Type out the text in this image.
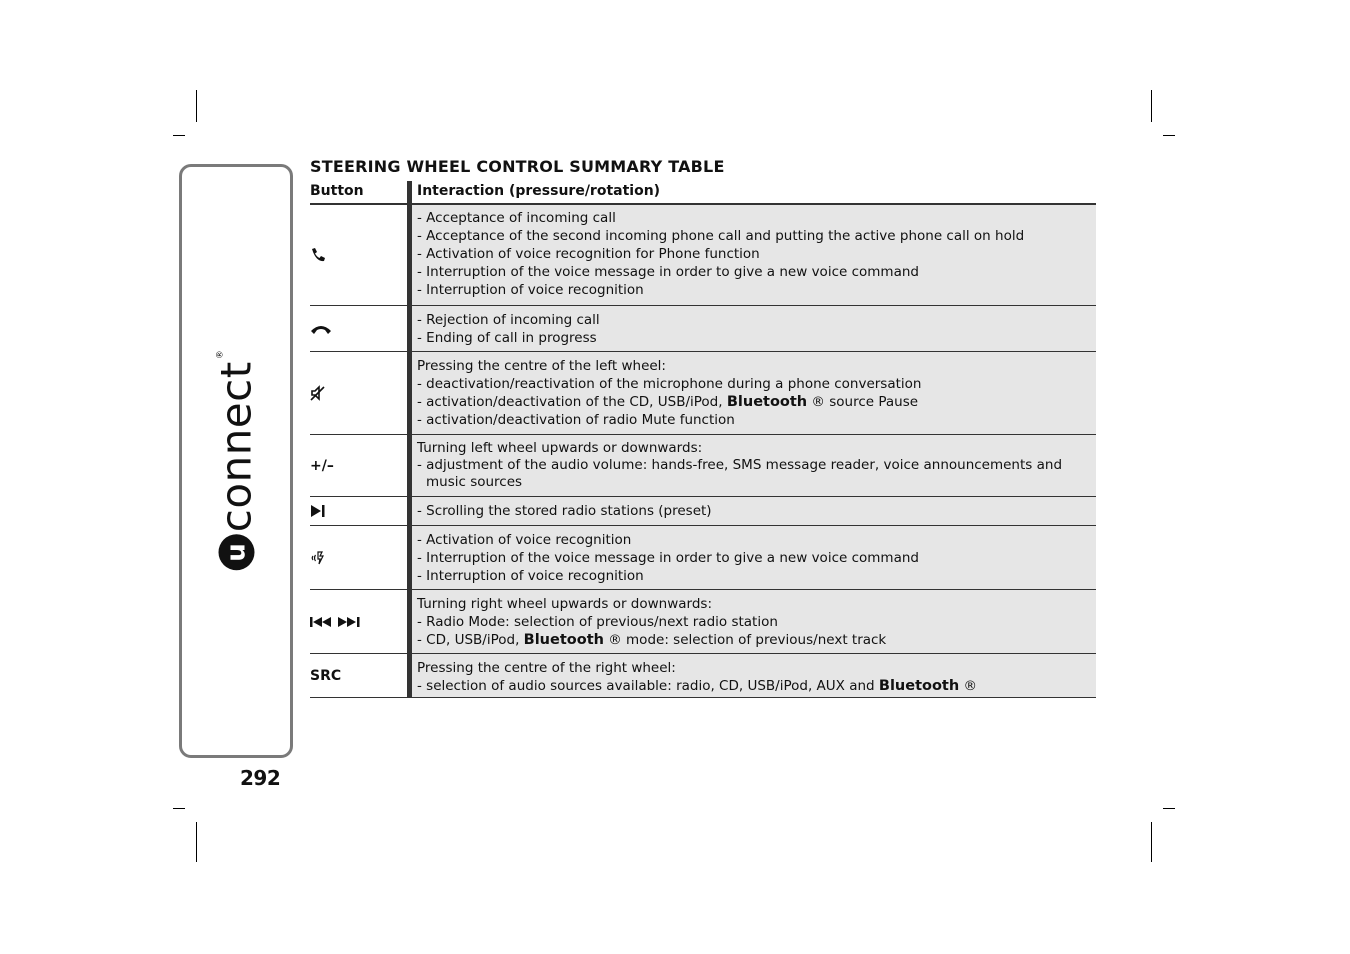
u
connect
®
292
STEERING WHEEL CONTROL SUMMARY TABLE
Button	Interaction (pressure/rotation)
- Acceptance of incoming call
- Acceptance of the second incoming phone call and putting the active phone call on hold
- Activation of voice recognition for Phone function
- Interruption of the voice message in order to give a new voice command
- Interruption of voice recognition
- Rejection of incoming call
- Ending of call in progress
Pressing the centre of the left wheel:
- deactivation/reactivation of the microphone during a phone conversation
- activation/deactivation of the CD, USB/iPod, Bluetooth ® source Pause
- activation/deactivation of radio Mute function
+/–
Turning left wheel upwards or downwards:
- adjustment of the audio volume: hands-free, SMS message reader, voice announcements and music sources
- Scrolling the stored radio stations (preset)
- Activation of voice recognition
- Interruption of the voice message in order to give a new voice command
- Interruption of voice recognition
Turning right wheel upwards or downwards:
- Radio Mode: selection of previous/next radio station
- CD, USB/iPod, Bluetooth ® mode: selection of previous/next track
SRC	Pressing the centre of the right wheel:
- selection of audio sources available: radio, CD, USB/iPod, AUX and Bluetooth ®
